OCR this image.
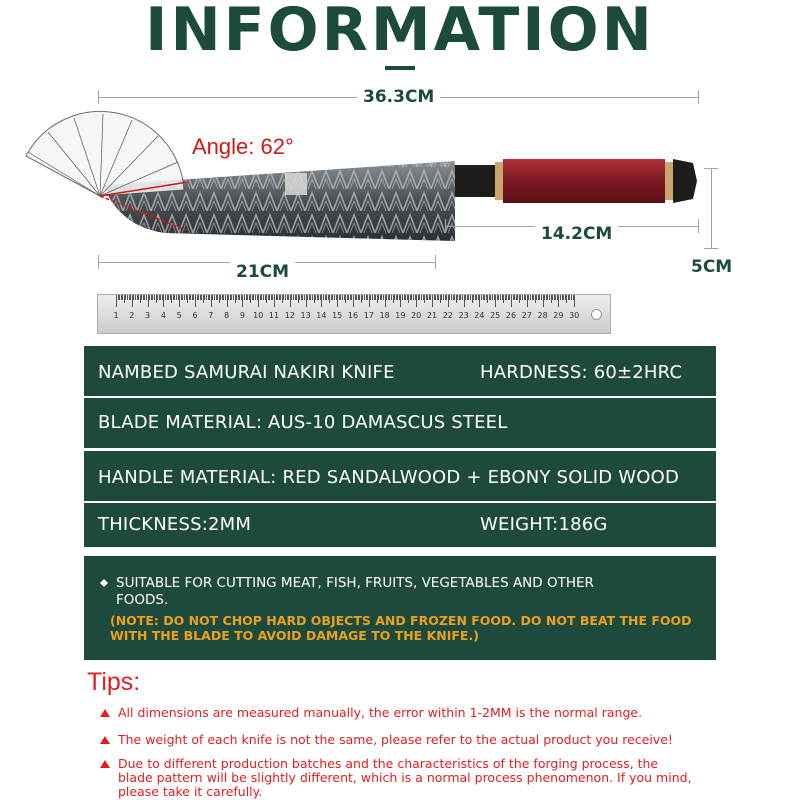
INFORMATION
36.3CM
Angle: 62°
14.2CM
5CM
21CM
1 2 3 4 5 6 7 8 9 10 11 12 13 14 15 16 17 18 19 20 21 22 23 24 25 26 27 28 29 30
NAMBED SAMURAI NAKIRI KNIFE	HARDNESS: 60±2HRC
BLADE MATERIAL: AUS-10 DAMASCUS STEEL
HANDLE MATERIAL: RED SANDALWOOD + EBONY SOLID WOOD
THICKNESS:2MM	WEIGHT:186G
SUITABLE FOR CUTTING MEAT, FISH, FRUITS, VEGETABLES AND OTHER
FOODS.
(NOTE: DO NOT CHOP HARD OBJECTS AND FROZEN FOOD. DO NOT BEAT THE FOOD
WITH THE BLADE TO AVOID DAMAGE TO THE KNIFE.)
Tips:
All dimensions are measured manually, the error within 1-2MM is the normal range.
The weight of each knife is not the same, please refer to the actual product you receive!
Due to different production batches and the characteristics of the forging process, the
blade pattern will be slightly different, which is a normal process phenomenon. If you mind,
please take it carefully.
